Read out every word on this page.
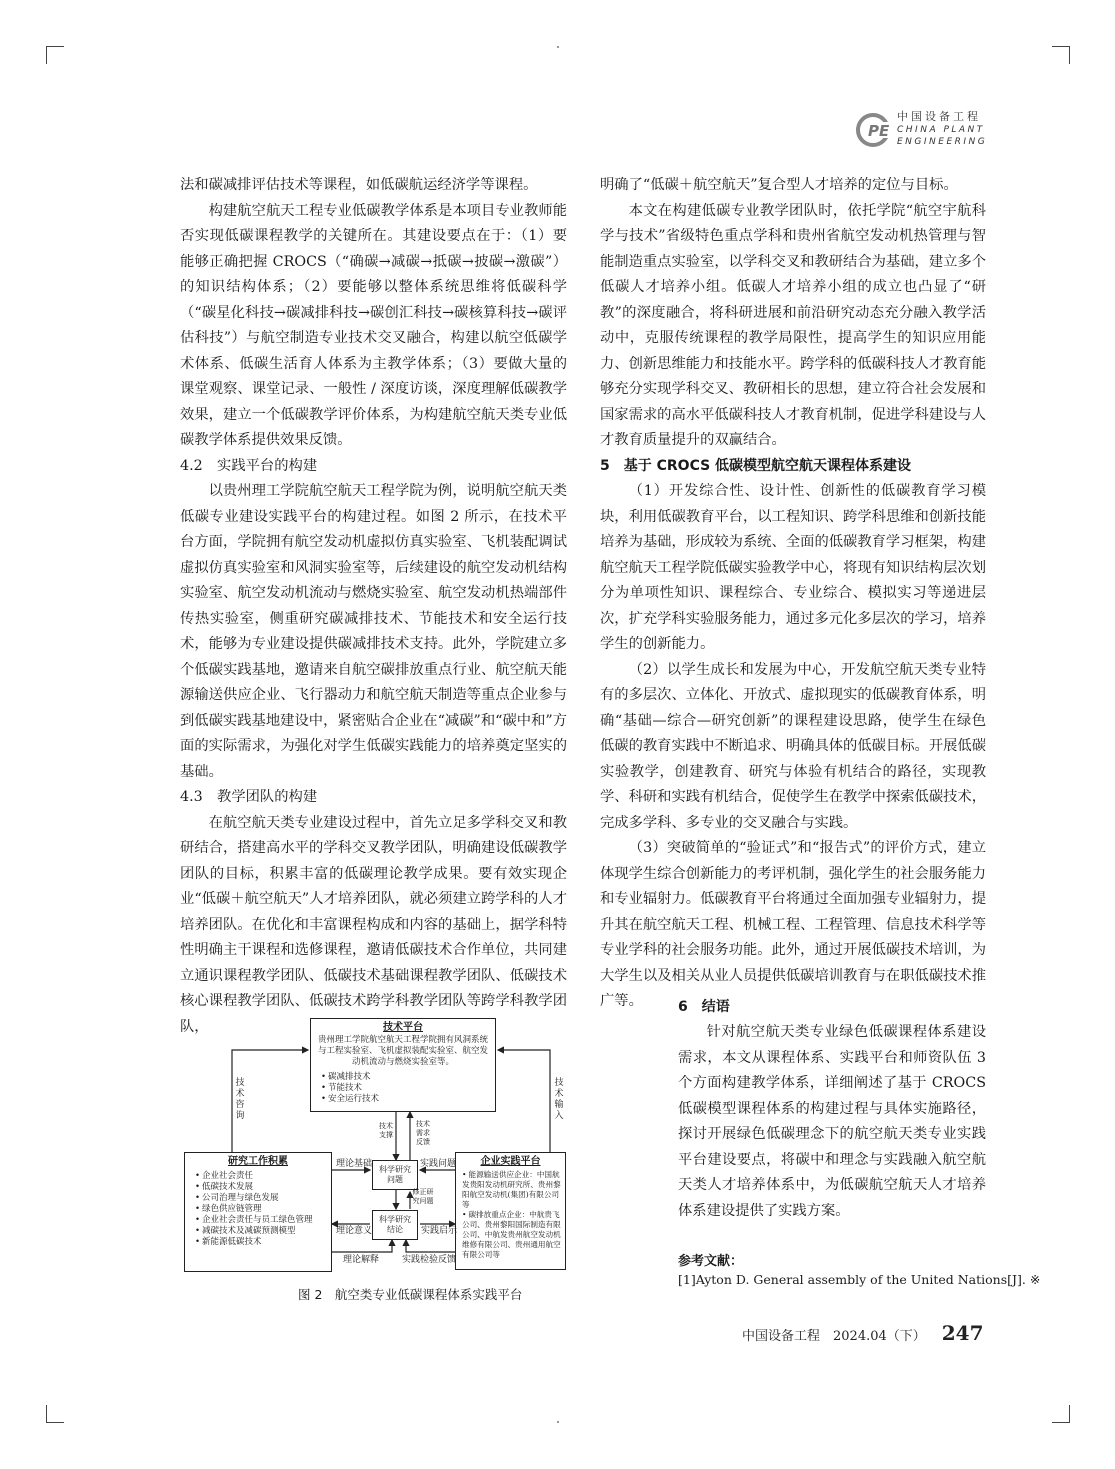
PE
中国设备工程
CHINA PLANT
ENGINEERING

法和碳减排评估技术等课程，如低碳航运经济学等课程。

构建航空航天工程专业低碳教学体系是本项目专业教师能否实现低碳课程教学的关键所在。其建设要点在于：（1）要能够正确把握 CROCS（“确碳→减碳→抵碳→披碳→激碳”）的知识结构体系；（2）要能够以整体系统思维将低碳科学（“碳星化科技→碳减排科技→碳创汇科技→碳核算科技→碳评估科技”）与航空制造专业技术交叉融合，构建以航空低碳学术体系、低碳生活育人体系为主教学体系；（3）要做大量的课堂观察、课堂记录、一般性 / 深度访谈，深度理解低碳教学效果，建立一个低碳教学评价体系，为构建航空航天类专业低碳教学体系提供效果反馈。

4.2　实践平台的构建

以贵州理工学院航空航天工程学院为例，说明航空航天类低碳专业建设实践平台的构建过程。如图 2 所示，在技术平台方面，学院拥有航空发动机虚拟仿真实验室、飞机装配调试虚拟仿真实验室和风洞实验室等，后续建设的航空发动机结构实验室、航空发动机流动与燃烧实验室、航空发动机热端部件传热实验室，侧重研究碳减排技术、节能技术和安全运行技术，能够为专业建设提供碳减排技术支持。此外，学院建立多个低碳实践基地，邀请来自航空碳排放重点行业、航空航天能源输送供应企业、飞行器动力和航空航天制造等重点企业参与到低碳实践基地建设中，紧密贴合企业在“减碳”和“碳中和”方面的实际需求，为强化对学生低碳实践能力的培养奠定坚实的基础。

4.3　教学团队的构建

在航空航天类专业建设过程中，首先立足多学科交叉和教研结合，搭建高水平的学科交叉教学团队，明确建设低碳教学团队的目标，积累丰富的低碳理论教学成果。要有效实现企业“低碳＋航空航天”人才培养团队，就必须建立跨学科的人才培养团队。在优化和丰富课程构成和内容的基础上，据学科特性明确主干课程和选修课程，邀请低碳技术合作单位，共同建立通识课程教学团队、低碳技术基础课程教学团队、低碳技术核心课程教学团队、低碳技术跨学科教学团队等跨学科教学团队，

明确了“低碳＋航空航天”复合型人才培养的定位与目标。

本文在构建低碳专业教学团队时，依托学院“航空宇航科学与技术”省级特色重点学科和贵州省航空发动机热管理与智能制造重点实验室，以学科交叉和教研结合为基础，建立多个低碳人才培养小组。低碳人才培养小组的成立也凸显了“研教”的深度融合，将科研进展和前沿研究动态充分融入教学活动中，克服传统课程的教学局限性，提高学生的知识应用能力、创新思维能力和技能水平。跨学科的低碳科技人才教育能够充分实现学科交叉、教研相长的思想，建立符合社会发展和国家需求的高水平低碳科技人才教育机制，促进学科建设与人才教育质量提升的双赢结合。

5　基于 CROCS 低碳模型航空航天课程体系建设

（1）开发综合性、设计性、创新性的低碳教育学习模块，利用低碳教育平台，以工程知识、跨学科思维和创新技能培养为基础，形成较为系统、全面的低碳教育学习框架，构建航空航天工程学院低碳实验教学中心，将现有知识结构层次划分为单项性知识、课程综合、专业综合、模拟实习等递进层次，扩充学科实验服务能力，通过多元化多层次的学习，培养学生的创新能力。

（2）以学生成长和发展为中心，开发航空航天类专业特有的多层次、立体化、开放式、虚拟现实的低碳教育体系，明确“基础—综合—研究创新”的课程建设思路，使学生在绿色低碳的教育实践中不断追求、明确具体的低碳目标。开展低碳实验教学，创建教育、研究与体验有机结合的路径，实现教学、科研和实践有机结合，促使学生在教学中探索低碳技术，完成多学科、多专业的交叉融合与实践。

（3）突破简单的“验证式”和“报告式”的评价方式，建立体现学生综合创新能力的考评机制，强化学生的社会服务能力和专业辐射力。低碳教育平台将通过全面加强专业辐射力，提升其在航空航天工程、机械工程、工程管理、信息技术科学等专业学科的社会服务功能。此外，通过开展低碳技术培训，为大学生以及相关从业人员提供低碳培训教育与在职低碳技术推广等。	6　结语

针对航空航天类专业绿色低碳课程体系建设需求，本文从课程体系、实践平台和师资队伍 3 个方面构建教学体系，详细阐述了基于 CROCS 低碳模型课程体系的构建过程与具体实施路径，探讨开展绿色低碳理念下的航空航天类专业实践平台建设要点，将碳中和理念与实践融入航空航天类人才培养体系中，为低碳航空航天人才培养体系建设提供了实践方案。

参考文献：
[1]Ayton D. General assembly of the United Nations[J]. ※
技术平台
贵州理工学院航空航天工程学院拥有风洞系统与工程实验室、飞机虚拟装配实验室、航空发动机流动与燃烧实验室等。
• 碳减排技术
• 节能技术
• 安全运行技术
研究工作积累
• 企业社会责任
• 低碳技术发展
• 公司治理与绿色发展
• 绿色供应链管理
• 企业社会责任与员工绿色管理
• 减碳技术及减碳预测模型
• 新能源低碳技术
企业实践平台
• 能源输送供应企业：中国航发贵阳发动机研究所、贵州黎阳航空发动机(集团)有限公司等
• 碳排放重点企业：中航贵飞公司、贵州黎阳国际制造有限公司、中航发贵州航空发动机维修有限公司、贵州通用航空有限公司等
科学研究问题
科学研究结论
技术咨询
技术输入
技术支撑
技术需求反馈
理论基础	实践问题
修正研究问题
理论意义	实践启示
理论解释	实践检验反馈
图 2　航空类专业低碳课程体系实践平台
中国设备工程　2024.04（下） 247
